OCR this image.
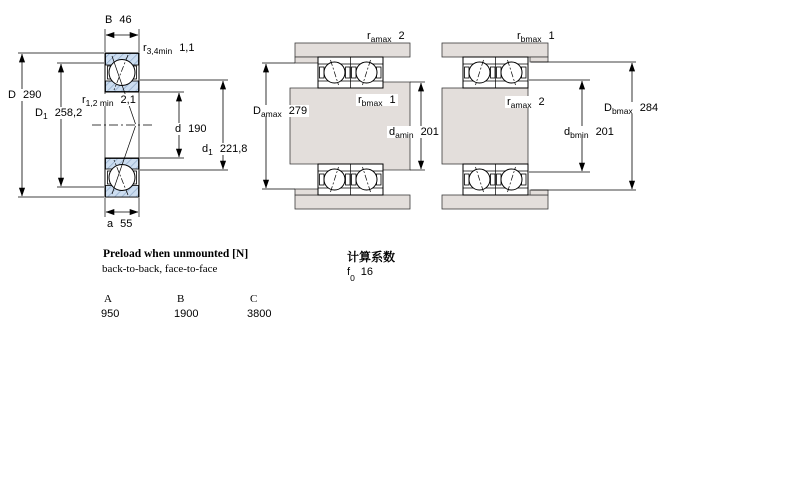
B 46
$r_{3,4min}$ 1,1
$r_{1,2 min}$ 2,1
D 290
$D_1$ 258,2
d 190
$d_1$ 221,8
a 55
$r_{amax}$ 2
$r_{bmax}$ 1
$D_{amax}$ 279
$d_{amin}$ 201
$r_{bmax}$ 1
$r_{amax}$ 2	$D_{bmax}$ 284
$d_{bmin}$ 201
Preload when unmounted [N]
back-to-back, face-to-face
计算系数
$f_0$ 16
A	B	C
950	1900	3800
